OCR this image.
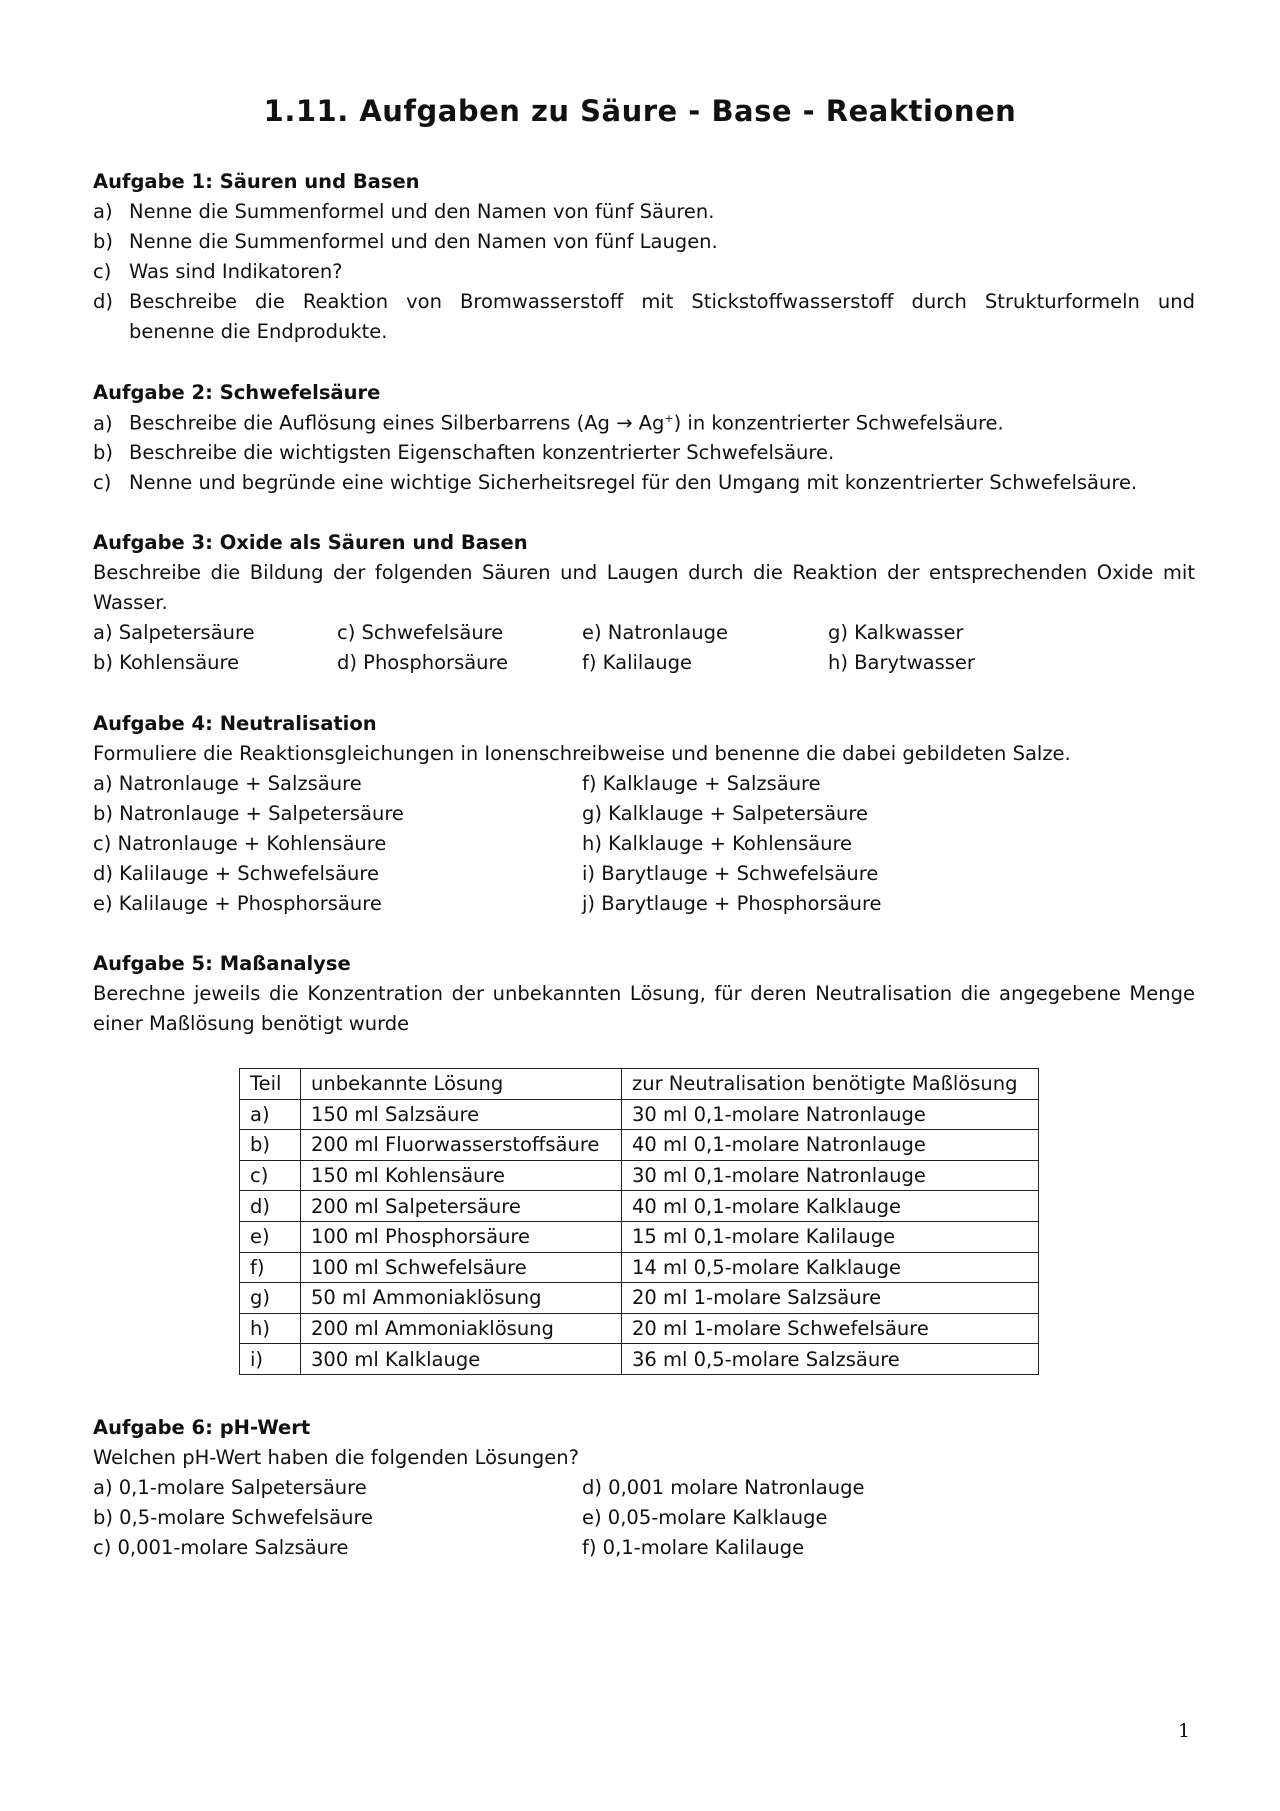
1.11. Aufgaben zu Säure - Base - Reaktionen
Aufgabe 1: Säuren und Basen
a) Nenne die Summenformel und den Namen von fünf Säuren.
b) Nenne die Summenformel und den Namen von fünf Laugen.
c) Was sind Indikatoren?
d) Beschreibe die Reaktion von Bromwasserstoff mit Stickstoffwasserstoff durch Strukturformeln und
benenne die Endprodukte.
Aufgabe 2: Schwefelsäure
a) Beschreibe die Auflösung eines Silberbarrens (Ag → Ag+) in konzentrierter Schwefelsäure.
b) Beschreibe die wichtigsten Eigenschaften konzentrierter Schwefelsäure.
c) Nenne und begründe eine wichtige Sicherheitsregel für den Umgang mit konzentrierter Schwefelsäure.
Aufgabe 3: Oxide als Säuren und Basen
Beschreibe die Bildung der folgenden Säuren und Laugen durch die Reaktion der entsprechenden Oxide mit
Wasser.
a) Salpetersäure	c) Schwefelsäure	e) Natronlauge	g) Kalkwasser
b) Kohlensäure	d) Phosphorsäure	f) Kalilauge	h) Barytwasser
Aufgabe 4: Neutralisation
Formuliere die Reaktionsgleichungen in Ionenschreibweise und benenne die dabei gebildeten Salze.
a) Natronlauge + Salzsäure
b) Natronlauge + Salpetersäure
c) Natronlauge + Kohlensäure
d) Kalilauge + Schwefelsäure
e) Kalilauge + Phosphorsäure
f) Kalklauge + Salzsäure
g) Kalklauge + Salpetersäure
h) Kalklauge + Kohlensäure
i) Barytlauge + Schwefelsäure
j) Barytlauge + Phosphorsäure
Aufgabe 5: Maßanalyse
Berechne jeweils die Konzentration der unbekannten Lösung, für deren Neutralisation die angegebene Menge
einer Maßlösung benötigt wurde
Teil	unbekannte Lösung	zur Neutralisation benötigte Maßlösung
a)	150 ml Salzsäure	30 ml 0,1-molare Natronlauge
b)	200 ml Fluorwasserstoffsäure	40 ml 0,1-molare Natronlauge
c)	150 ml Kohlensäure	30 ml 0,1-molare Natronlauge
d)	200 ml Salpetersäure	40 ml 0,1-molare Kalklauge
e)	100 ml Phosphorsäure	15 ml 0,1-molare Kalilauge
f)	100 ml Schwefelsäure	14 ml 0,5-molare Kalklauge
g)	50 ml Ammoniaklösung	20 ml 1-molare Salzsäure
h)	200 ml Ammoniaklösung	20 ml 1-molare Schwefelsäure
i)	300 ml Kalklauge	36 ml 0,5-molare Salzsäure
Aufgabe 6: pH-Wert
Welchen pH-Wert haben die folgenden Lösungen?
a) 0,1-molare Salpetersäure
b) 0,5-molare Schwefelsäure
c) 0,001-molare Salzsäure
d) 0,001 molare Natronlauge
e) 0,05-molare Kalklauge
f) 0,1-molare Kalilauge
1
